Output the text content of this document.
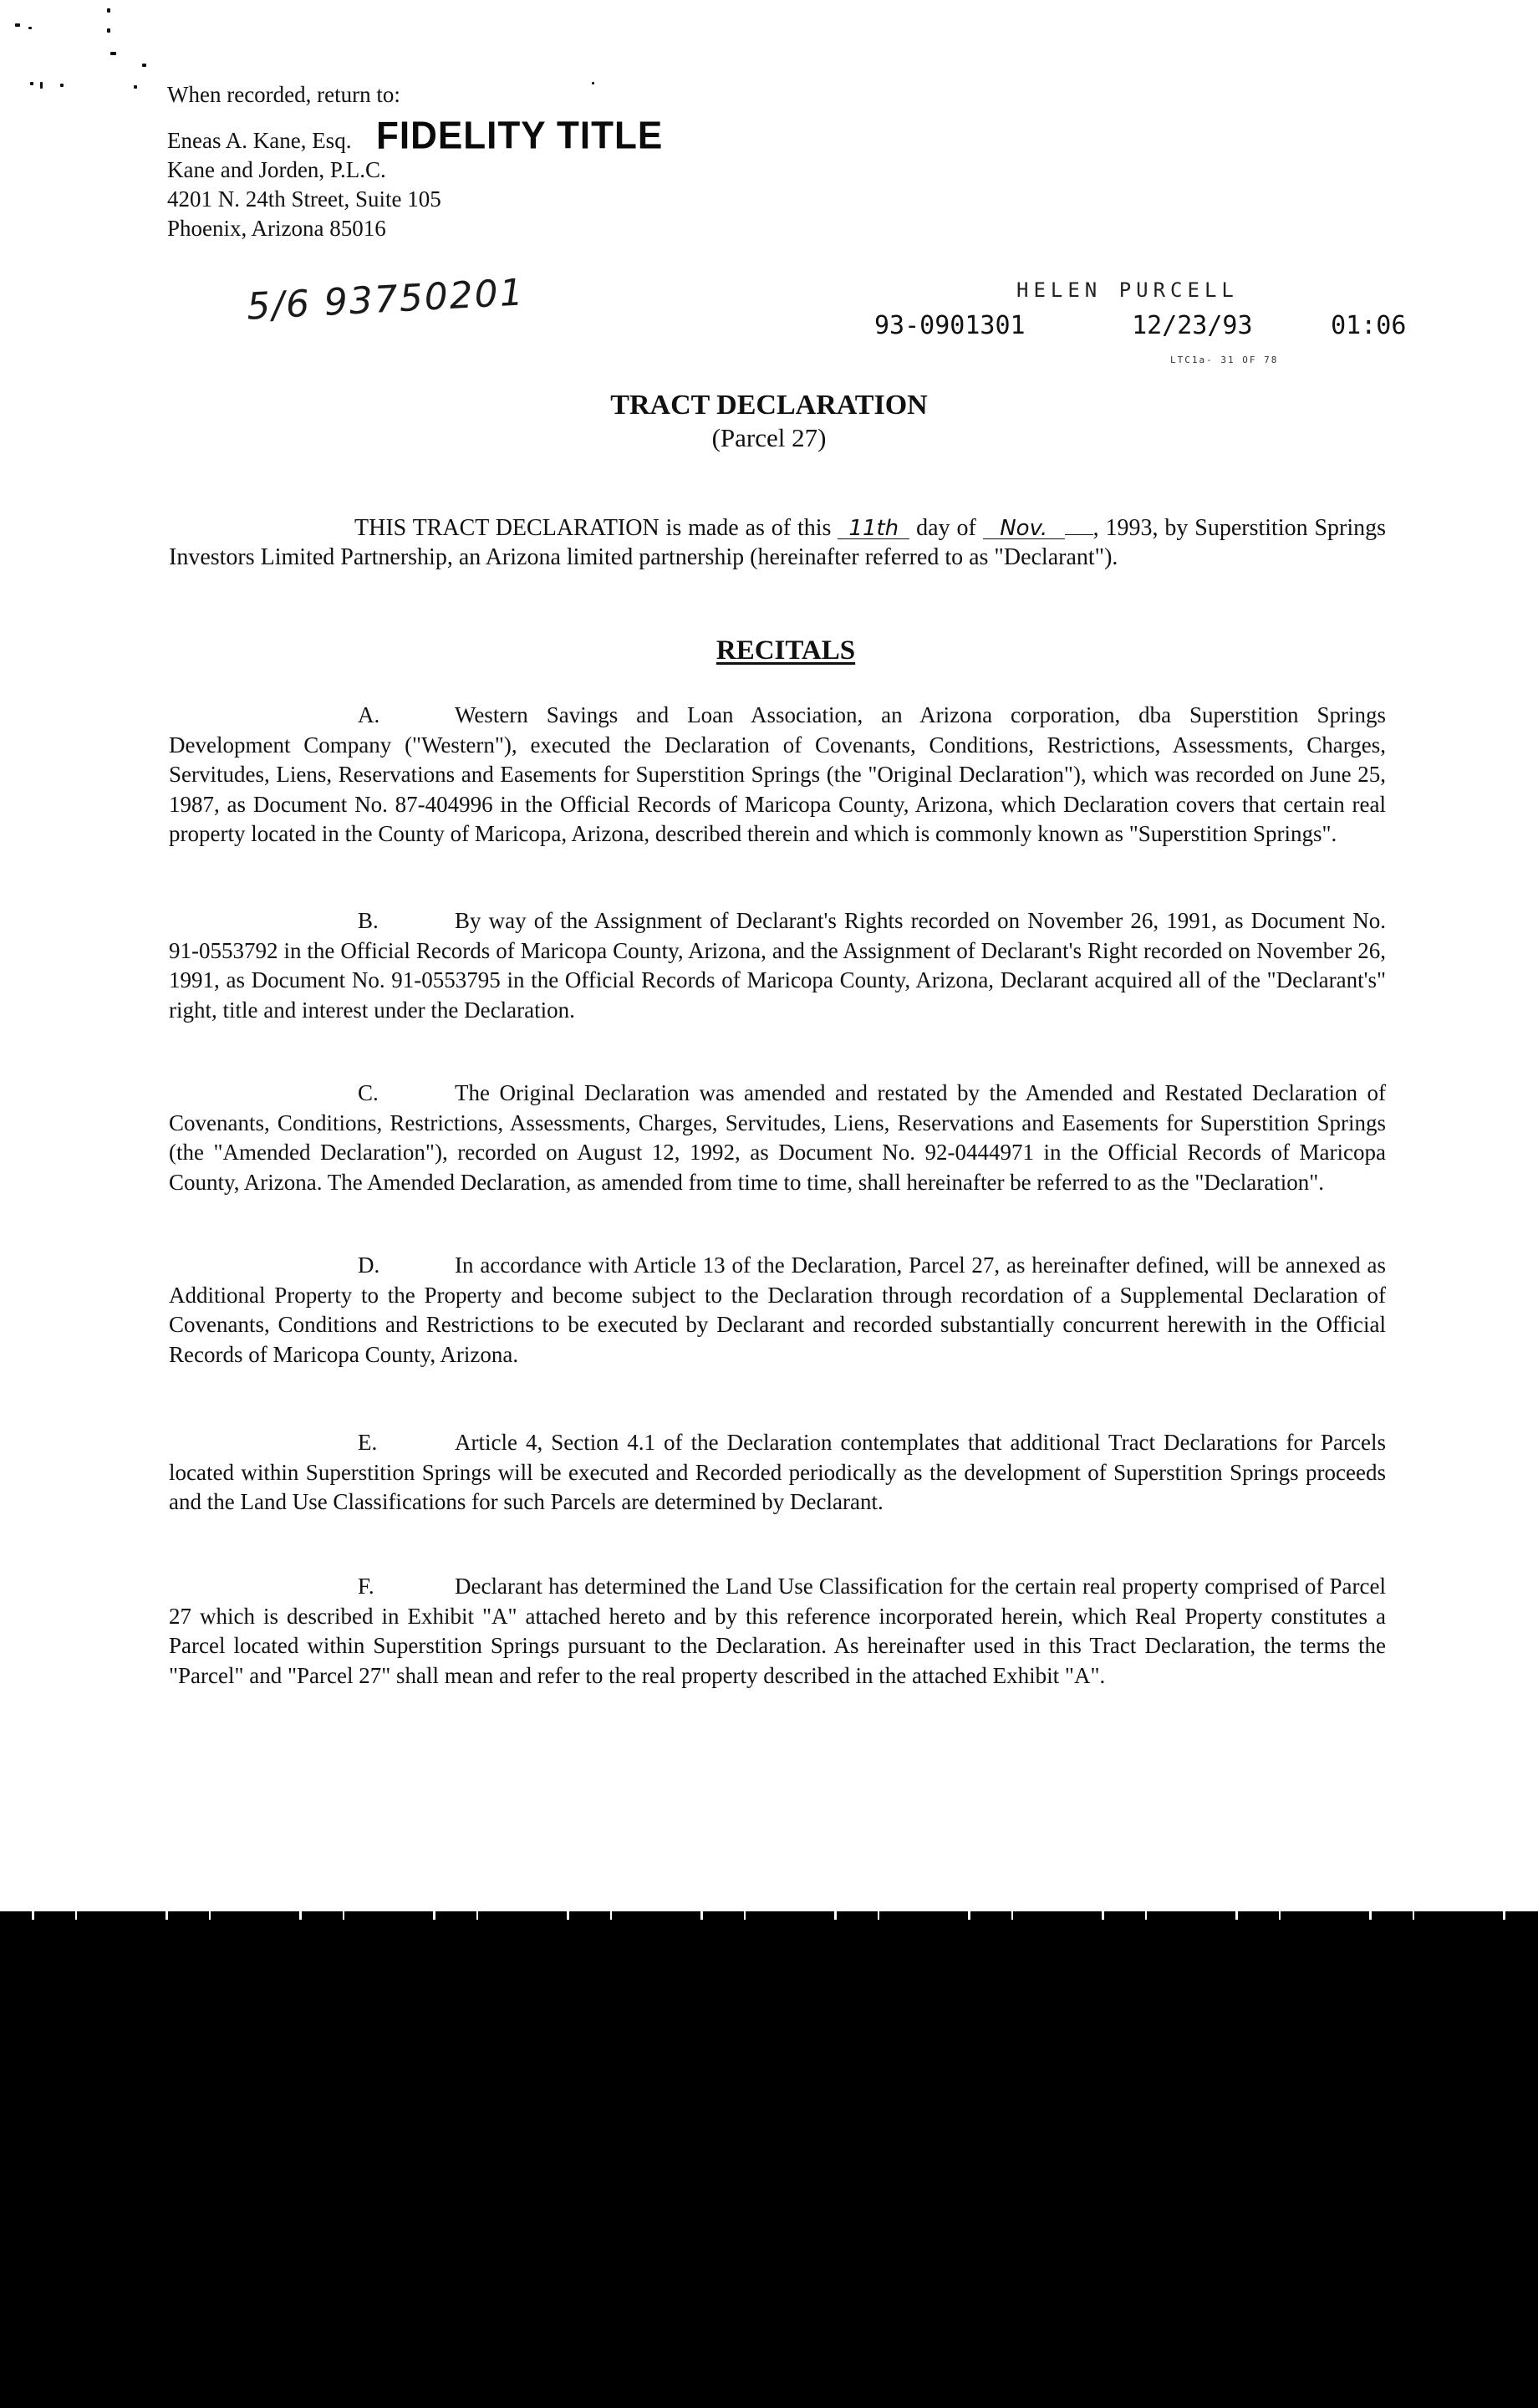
When recorded, return to:
Eneas A. Kane, Esq.
Kane and Jorden, P.L.C.
4201 N. 24th Street, Suite 105
Phoenix, Arizona 85016
FIDELITY TITLE
5/6 93750201	HELEN PURCELL
93-0901301	12/23/93	01:06
LTC1a- 31 OF 78
TRACT DECLARATION
(Parcel 27)
THIS TRACT DECLARATION is made as of this 11th day of Nov. , 1993, by Superstition Springs Investors Limited Partnership, an Arizona limited partnership (hereinafter referred to as "Declarant").
RECITALS
A.	Western Savings and Loan Association, an Arizona corporation, dba Superstition Springs Development Company ("Western"), executed the Declaration of Covenants, Conditions, Restrictions, Assessments, Charges, Servitudes, Liens, Reservations and Easements for Superstition Springs (the "Original Declaration"), which was recorded on June 25, 1987, as Document No. 87-404996 in the Official Records of Maricopa County, Arizona, which Declaration covers that certain real property located in the County of Maricopa, Arizona, described therein and which is commonly known as "Superstition Springs".
B.	By way of the Assignment of Declarant's Rights recorded on November 26, 1991, as Document No. 91-0553792 in the Official Records of Maricopa County, Arizona, and the Assignment of Declarant's Right recorded on November 26, 1991, as Document No. 91-0553795 in the Official Records of Maricopa County, Arizona, Declarant acquired all of the "Declarant's" right, title and interest under the Declaration.
C.	The Original Declaration was amended and restated by the Amended and Restated Declaration of Covenants, Conditions, Restrictions, Assessments, Charges, Servitudes, Liens, Reservations and Easements for Superstition Springs (the "Amended Declaration"), recorded on August 12, 1992, as Document No. 92-0444971 in the Official Records of Maricopa County, Arizona. The Amended Declaration, as amended from time to time, shall hereinafter be referred to as the "Declaration".
D.	In accordance with Article 13 of the Declaration, Parcel 27, as hereinafter defined, will be annexed as Additional Property to the Property and become subject to the Declaration through recordation of a Supplemental Declaration of Covenants, Conditions and Restrictions to be executed by Declarant and recorded substantially concurrent herewith in the Official Records of Maricopa County, Arizona.
E.	Article 4, Section 4.1 of the Declaration contemplates that additional Tract Declarations for Parcels located within Superstition Springs will be executed and Recorded periodically as the development of Superstition Springs proceeds and the Land Use Classifications for such Parcels are determined by Declarant.
F.	Declarant has determined the Land Use Classification for the certain real property comprised of Parcel 27 which is described in Exhibit "A" attached hereto and by this reference incorporated herein, which Real Property constitutes a Parcel located within Superstition Springs pursuant to the Declaration. As hereinafter used in this Tract Declaration, the terms the "Parcel" and "Parcel 27" shall mean and refer to the real property described in the attached Exhibit "A".
